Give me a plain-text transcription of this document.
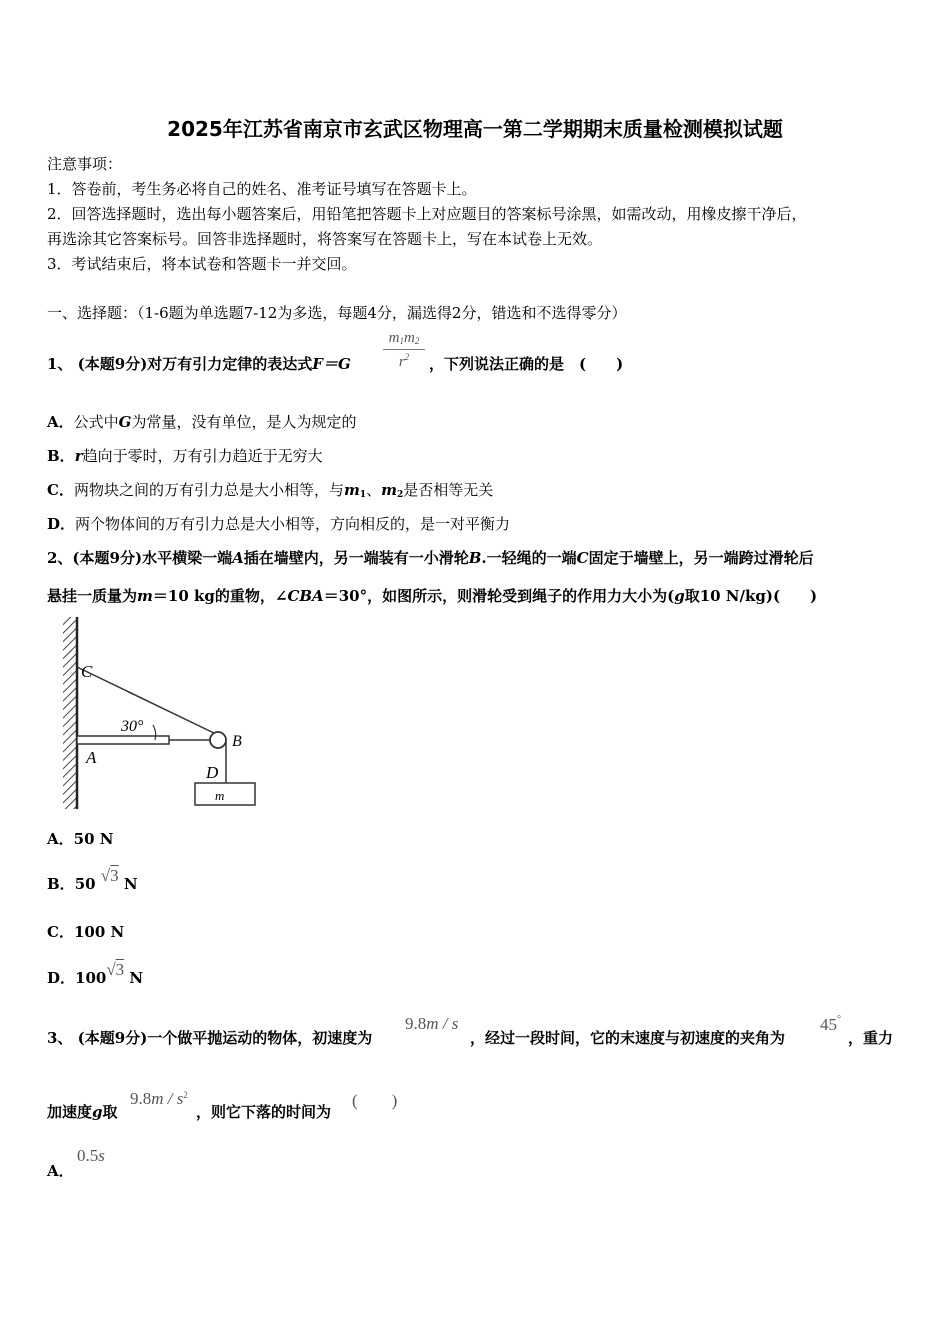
2025年江苏省南京市玄武区物理高一第二学期期末质量检测模拟试题
注意事项：
1．答卷前，考生务必将自己的姓名、准考证号填写在答题卡上。
2．回答选择题时，选出每小题答案后，用铅笔把答题卡上对应题目的答案标号涂黑，如需改动，用橡皮擦干净后，
再选涂其它答案标号。回答非选择题时，将答案写在答题卡上，写在本试卷上无效。
3．考试结束后，将本试卷和答题卡一并交回。
一、选择题：（1-6题为单选题7-12为多选，每题4分，漏选得2分，错选和不选得零分）
1、 (本题9分)对万有引力定律的表达式$F=G \frac{m_1m_2}{r^2}$ ，下列说法正确的是　(　　)
A．公式中G为常量，没有单位，是人为规定的
B．r趋向于零时，万有引力趋近于无穷大
C．两物块之间的万有引力总是大小相等，与$m_1$、$m_2$是否相等无关
D．两个物体间的万有引力总是大小相等，方向相反的，是一对平衡力
2、(本题9分)水平横梁一端A插在墙壁内，另一端装有一小滑轮B.一轻绳的一端C固定于墙壁上，另一端跨过滑轮后
悬挂一质量为m＝10 kg的重物，∠CBA＝30°，如图所示，则滑轮受到绳子的作用力大小为(g取10 N/kg)(　　)
C
A
B
D
30°
m
A．50 N
B．50 √3 N
C．100 N
D．100√3 N
3、 (本题9分)一个做平抛运动的物体，初速度为
9.8m / s
，经过一段时间，它的末速度与初速度的夹角为
45°
，重力
加速度g取
$9.8m / s^2$
，则它下落的时间为
(　　)
A．
0.5s
